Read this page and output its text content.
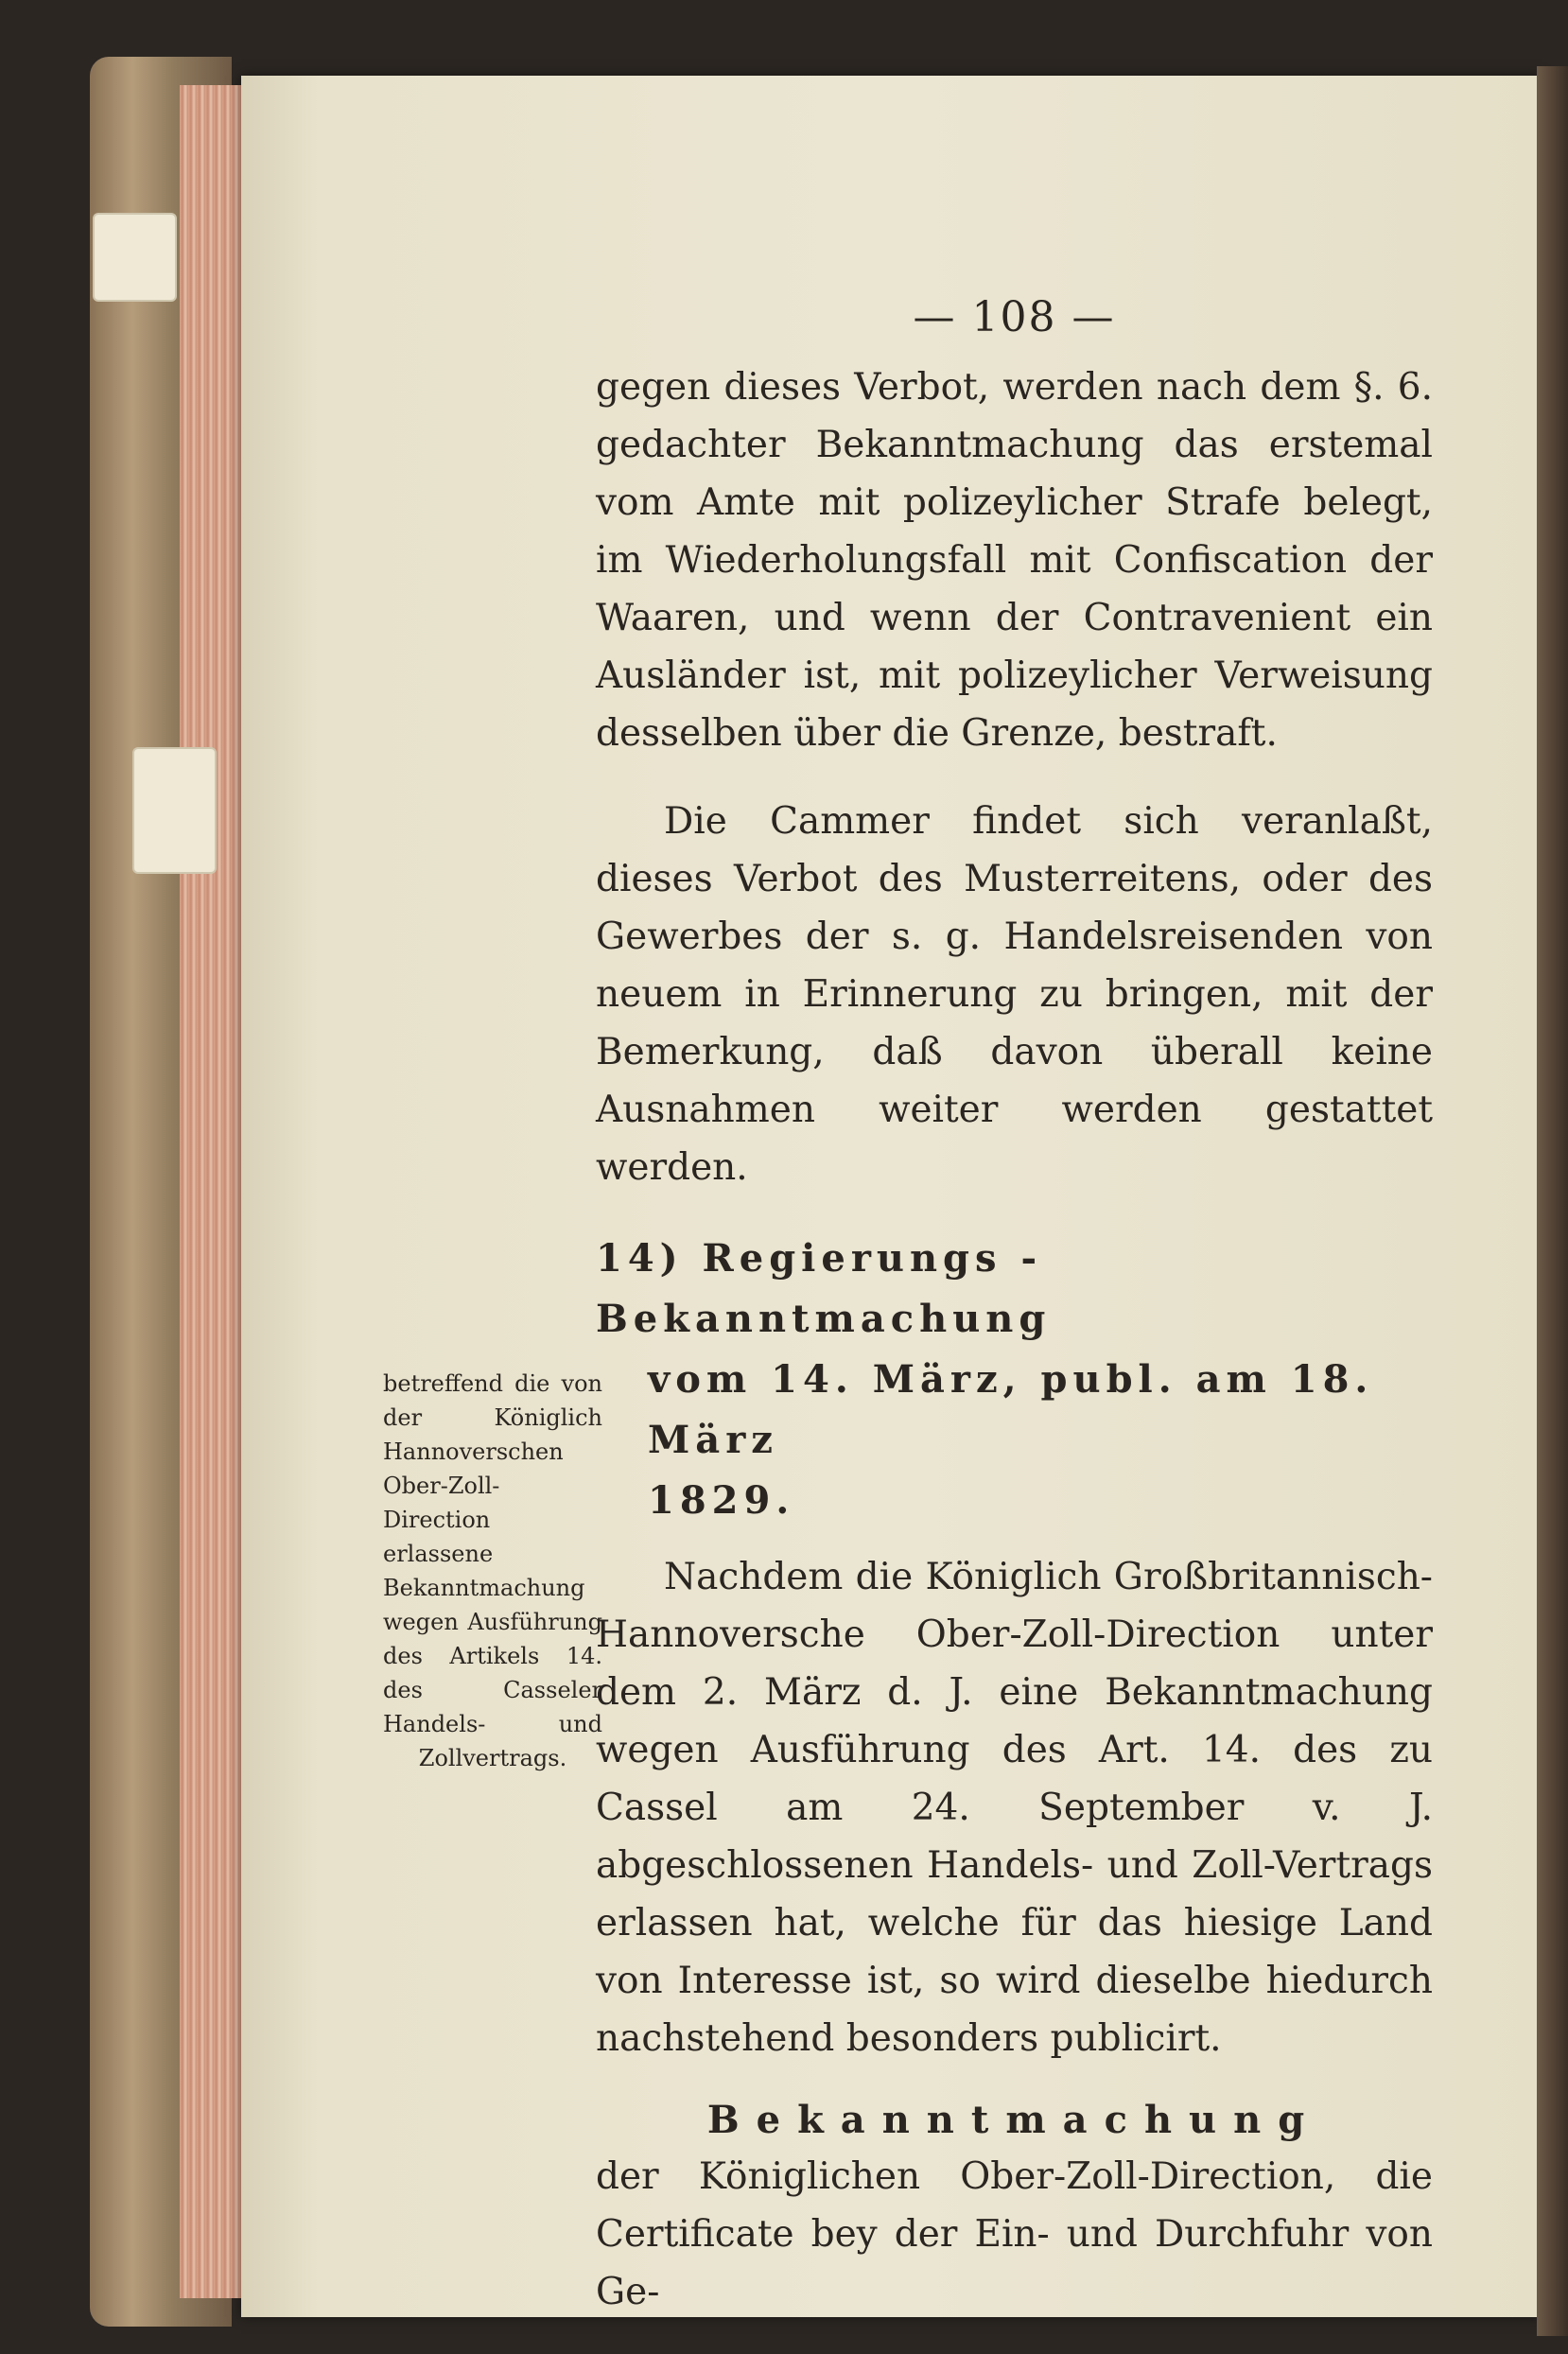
— 108 —

gegen dieses Verbot, werden nach dem §. 6. gedachter Bekanntmachung das erstemal vom Amte mit polizeylicher Strafe belegt, im Wiederholungsfall mit Confiscation der Waaren, und wenn der Contravenient ein Ausländer ist, mit polizeylicher Verweisung desselben über die Grenze, bestraft.

Die Cammer findet sich veranlaßt, dieses Verbot des Musterreitens, oder des Gewerbes der s. g. Handelsreisenden von neuem in Erinnerung zu bringen, mit der Bemerkung, daß davon überall keine Ausnahmen weiter werden gestattet werden.

14) Regierungs - Bekanntmachung

vom 14. März, publ. am 18. März
1829.

Nachdem die Königlich Großbritannisch-Hannoversche Ober-Zoll-Direction unter dem 2. März d. J. eine Bekanntmachung wegen Ausführung des Art. 14. des zu Cassel am 24. September v. J. abgeschlossenen Handels- und Zoll-Vertrags erlassen hat, welche für das hiesige Land von Interesse ist, so wird dieselbe hiedurch nachstehend besonders publicirt.

Bekanntmachung

der Königlichen Ober-Zoll-Direction, die Certificate bey der Ein- und Durchfuhr von Ge-

betreffend die von der Königlich Hannoverschen Ober-Zoll-Direction erlassene Bekanntmachung wegen Ausführung des Artikels 14. des Casseler Handels- und Zollvertrags.
